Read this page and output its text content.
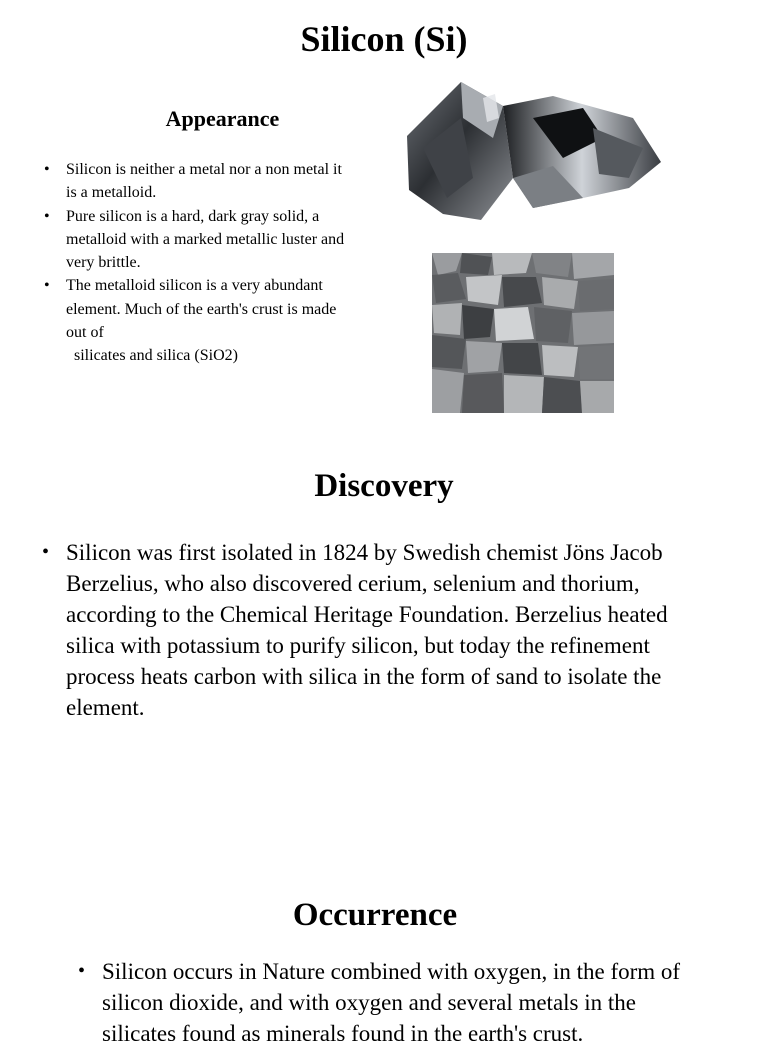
Silicon (Si)
Appearance
• Silicon is neither a metal nor a non metal it
is a metalloid.
• Pure silicon is a hard, dark gray solid, a
metalloid with a marked metallic luster and
very brittle.
• The metalloid silicon is a very abundant
element. Much of the earth's crust is made
out of
silicates and silica (SiO2)
Discovery
• Silicon was first isolated in 1824 by Swedish chemist Jöns Jacob Berzelius, who also discovered cerium, selenium and thorium, according to the Chemical Heritage Foundation. Berzelius heated silica with potassium to purify silicon, but today the refinement process heats carbon with silica in the form of sand to isolate the element.
Occurrence
• Silicon occurs in Nature combined with oxygen, in the form of silicon dioxide, and with oxygen and several metals in the silicates found as minerals found in the earth's crust.
